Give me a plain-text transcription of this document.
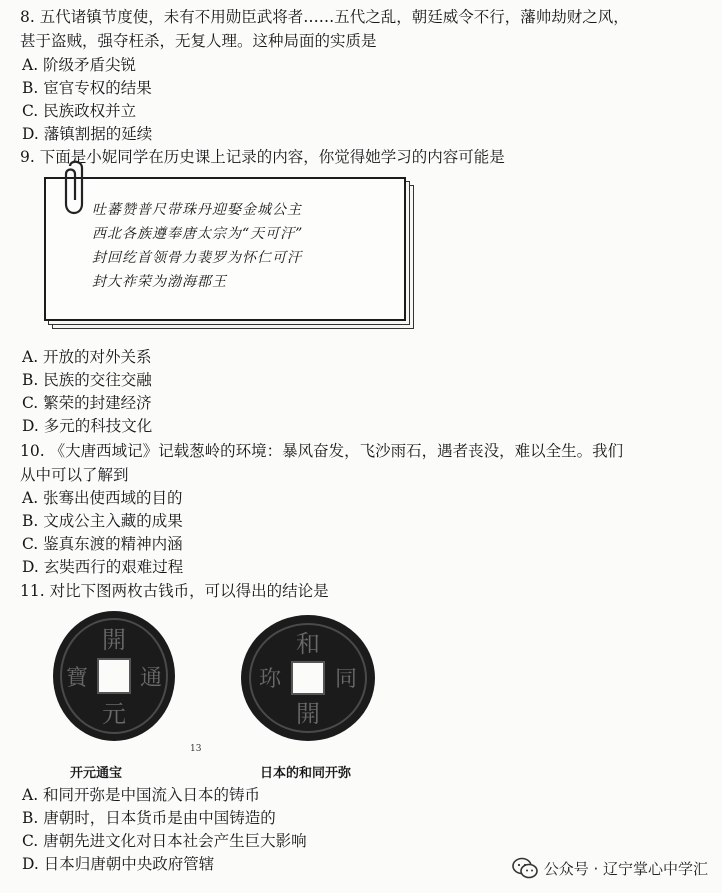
8. 五代诸镇节度使，未有不用勋臣武将者……五代之乱，朝廷威令不行，藩帅劫财之风，
甚于盗贼，强夺枉杀，无复人理。这种局面的实质是
A. 阶级矛盾尖锐
B. 宦官专权的结果
C. 民族政权并立
D. 藩镇割据的延续
9. 下面是小妮同学在历史课上记录的内容，你觉得她学习的内容可能是
吐蕃赞普尺带珠丹迎娶金城公主
西北各族遵奉唐太宗为“天可汗”
封回纥首领骨力裴罗为怀仁可汗
封大祚荣为渤海郡王
A. 开放的对外关系
B. 民族的交往交融
C. 繁荣的封建经济
D. 多元的科技文化
10. 《大唐西域记》记载葱岭的环境：暴风奋发，飞沙雨石，遇者丧没，难以全生。我们
从中可以了解到
A. 张骞出使西域的目的
B. 文成公主入藏的成果
C. 鉴真东渡的精神内涵
D. 玄奘西行的艰难过程
11. 对比下图两枚古钱币，可以得出的结论是
開
元
通
寶
和
同
開
珎
13
开元通宝	日本的和同开弥
A. 和同开弥是中国流入日本的铸币
B. 唐朝时，日本货币是由中国铸造的
C. 唐朝先进文化对日本社会产生巨大影响
D. 日本归唐朝中央政府管辖	公众号 · 辽宁掌心中学汇
